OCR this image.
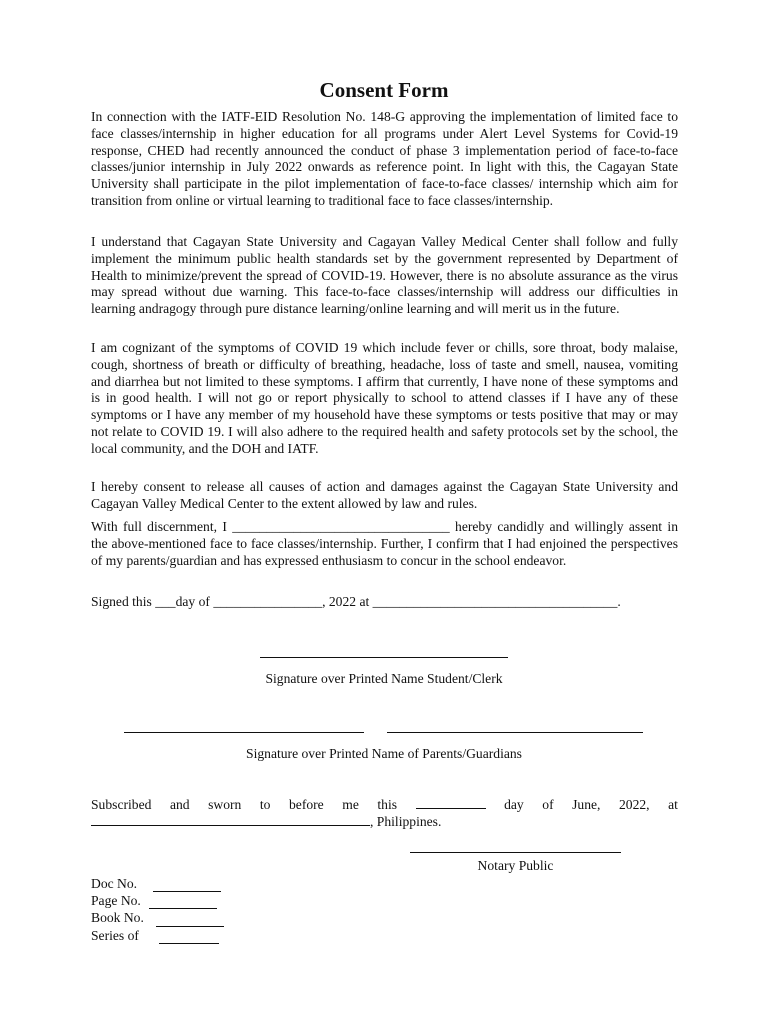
Consent Form

In connection with the IATF-EID Resolution No. 148-G approving the implementation of limited face to face classes/internship in higher education for all programs under Alert Level Systems for Covid-19 response, CHED had recently announced the conduct of phase 3 implementation period of face-to-face classes/junior internship in July 2022 onwards as reference point. In light with this, the Cagayan State University shall participate in the pilot implementation of face-to-face classes/ internship which aim for transition from online or virtual learning to traditional face to face classes/internship.

I understand that Cagayan State University and Cagayan Valley Medical Center shall follow and fully implement the minimum public health standards set by the government represented by Department of Health to minimize/prevent the spread of COVID-19. However, there is no absolute assurance as the virus may spread without due warning. This face-to-face classes/internship will address our difficulties in learning andragogy through pure distance learning/online learning and will merit us in the future.

I am cognizant of the symptoms of COVID 19 which include fever or chills, sore throat, body malaise, cough, shortness of breath or difficulty of breathing, headache, loss of taste and smell, nausea, vomiting and diarrhea but not limited to these symptoms. I affirm that currently, I have none of these symptoms and is in good health. I will not go or report physically to school to attend classes if I have any of these symptoms or I have any member of my household have these symptoms or tests positive that may or may not relate to COVID 19. I will also adhere to the required health and safety protocols set by the school, the local community, and the DOH and IATF.

I hereby consent to release all causes of action and damages against the Cagayan State University and Cagayan Valley Medical Center to the extent allowed by law and rules.

With full discernment, I ________________________________ hereby candidly and willingly assent in the above-mentioned face to face classes/internship. Further, I confirm that I had enjoined the perspectives of my parents/guardian and has expressed enthusiasm to concur in the school endeavor.

Signed this ___day of ________________, 2022 at ____________________________________.

Signature over Printed Name Student/Clerk

Signature over Printed Name of Parents/Guardians

Subscribed and sworn to before me this	day of June, 2022, at
, Philippines.

Notary Public

Doc No.
Page No.
Book No.
Series of
